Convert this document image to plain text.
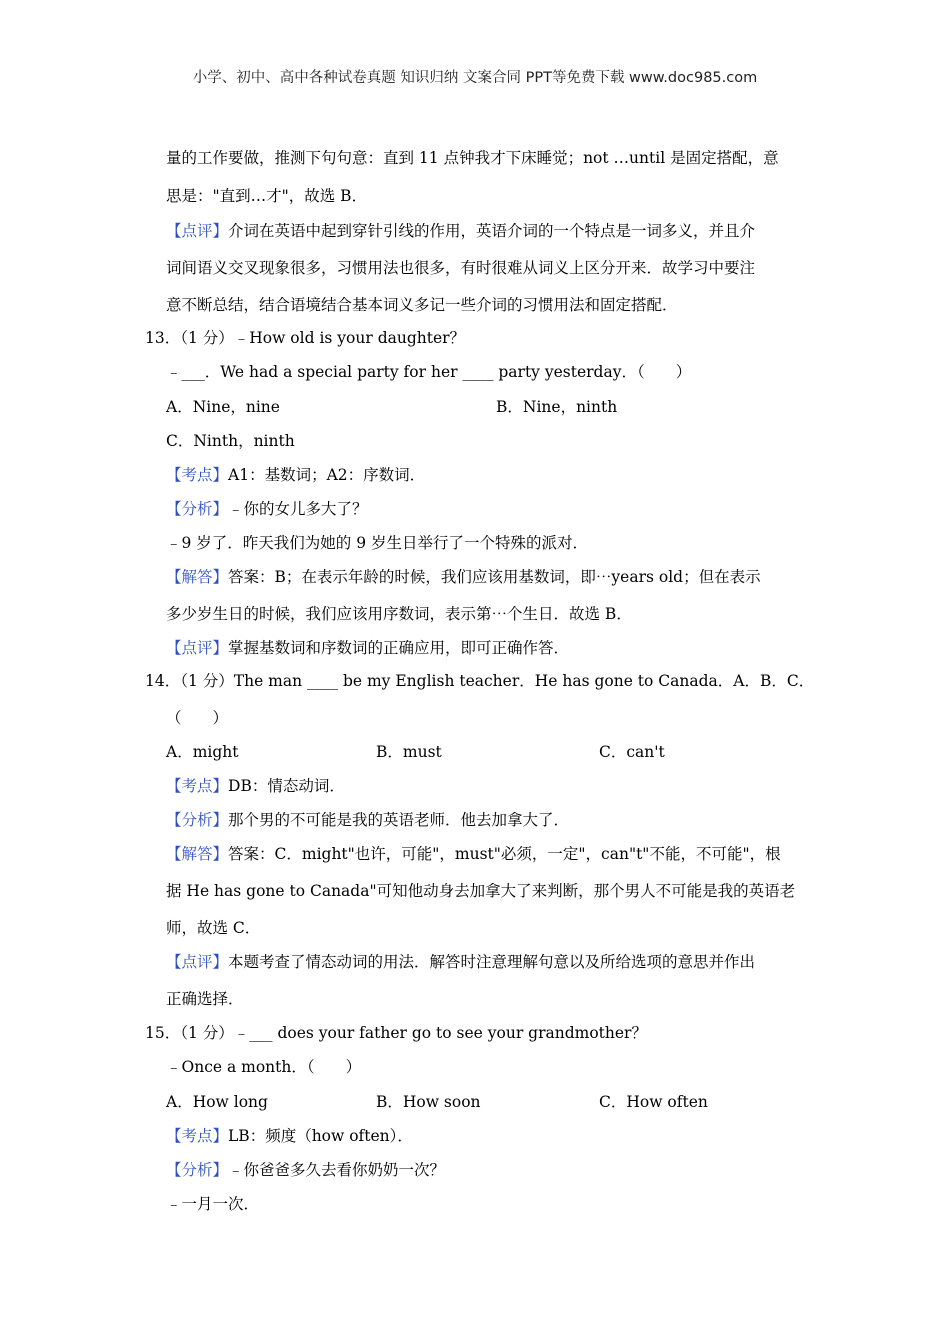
小学、初中、高中各种试卷真题 知识归纳 文案合同 PPT等免费下载 www.doc985.com
量的工作要做，推测下句句意：直到 11 点钟我才下床睡觉；not …until 是固定搭配，意
思是："直到…才"，故选 B．
【点评】介词在英语中起到穿针引线的作用，英语介词的一个特点是一词多义，并且介
词间语义交叉现象很多，习惯用法也很多，有时很难从词义上区分开来．故学习中要注
意不断总结，结合语境结合基本词义多记一些介词的习惯用法和固定搭配．
13．（1 分）﹣How old is your daughter？
﹣___．We had a special party for her ____ party yesterday．（　　）
A．Nine，nine	B．Nine，ninth
C．Ninth，ninth
【考点】A1：基数词；A2：序数词．
【分析】﹣你的女儿多大了？
﹣9 岁了．昨天我们为她的 9 岁生日举行了一个特殊的派对．
【解答】答案：B；在表示年龄的时候，我们应该用基数词，即⋯years old；但在表示
多少岁生日的时候，我们应该用序数词，表示第⋯个生日．故选 B．
【点评】掌握基数词和序数词的正确应用，即可正确作答．
14．（1 分）The man ____ be my English teacher．He has gone to Canada．A．B．C．
（　　）
A．might	B．must	C．can't
【考点】DB：情态动词．
【分析】那个男的不可能是我的英语老师．他去加拿大了．
【解答】答案：C．might"也许，可能"，must"必须，一定"，can"t"不能，不可能"，根
据 He has gone to Canada"可知他动身去加拿大了来判断，那个男人不可能是我的英语老
师，故选 C．
【点评】本题考查了情态动词的用法．解答时注意理解句意以及所给选项的意思并作出
正确选择．
15．（1 分）﹣___ does your father go to see your grandmother？
﹣Once a month．（　　）
A．How long	B．How soon	C．How often
【考点】LB：频度（how often）．
【分析】﹣你爸爸多久去看你奶奶一次？
﹣一月一次．
